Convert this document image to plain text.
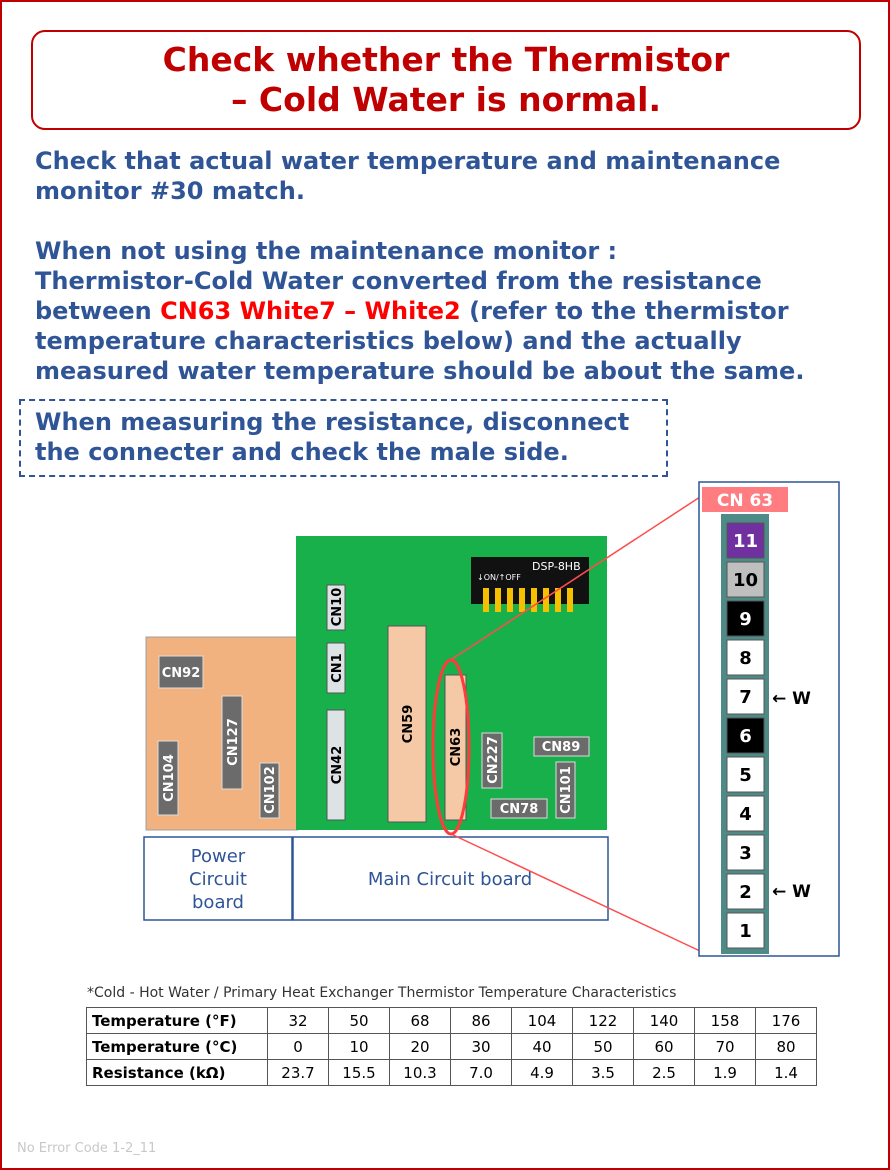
Check whether the Thermistor
– Cold Water is normal.
Check that actual water temperature and maintenance
monitor #30 match.
When not using the maintenance monitor :
Thermistor-Cold Water converted from the resistance
between CN63 White7 – White2 (refer to the thermistor
temperature characteristics below) and the actually
measured water temperature should be about the same.
When measuring the resistance, disconnect
the connecter and check the male side.
DSP-8HB
↓ON/↑OFF
CN92
CN127
CN104	CN102
CN10
CN1
CN42
CN59
CN63 CN227	CN89
CN78 CN101
Power
Circuit
board
Main Circuit board
CN 63
11
10
9
8
7
6
5
4
3
2
1
← W
← W
*Cold - Hot Water / Primary Heat Exchanger Thermistor Temperature Characteristics
Temperature (°F)	32	50	68	86	104	122	140	158	176
Temperature (°C)	0	10	20	30	40	50	60	70	80
Resistance (kΩ)	23.7	15.5	10.3	7.0	4.9	3.5	2.5	1.9	1.4
No Error Code 1-2_11
